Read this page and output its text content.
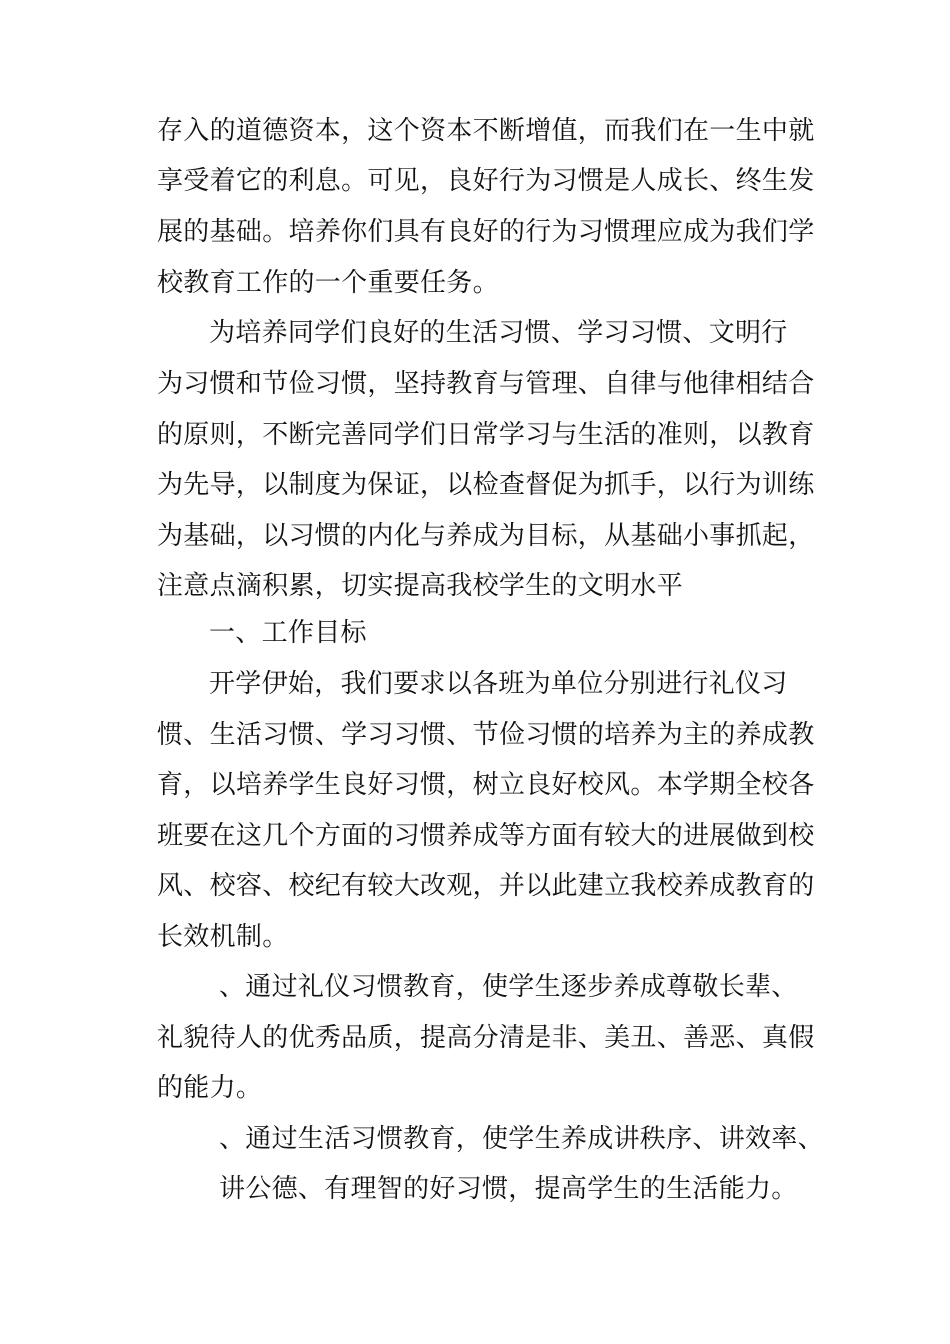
存入的道德资本，这个资本不断增值，而我们在一生中就
享受着它的利息。可见，良好行为习惯是人成长、终生发
展的基础。培养你们具有良好的行为习惯理应成为我们学
校教育工作的一个重要任务。
为培养同学们良好的生活习惯、学习习惯、文明行
为习惯和节俭习惯，坚持教育与管理、自律与他律相结合
的原则，不断完善同学们日常学习与生活的准则，以教育
为先导，以制度为保证，以检查督促为抓手，以行为训练
为基础，以习惯的内化与养成为目标，从基础小事抓起，
注意点滴积累，切实提高我校学生的文明水平
一、工作目标
开学伊始，我们要求以各班为单位分别进行礼仪习
惯、生活习惯、学习习惯、节俭习惯的培养为主的养成教
育，以培养学生良好习惯，树立良好校风。本学期全校各
班要在这几个方面的习惯养成等方面有较大的进展做到校
风、校容、校纪有较大改观，并以此建立我校养成教育的
长效机制。
、通过礼仪习惯教育，使学生逐步养成尊敬长辈、
礼貌待人的优秀品质，提高分清是非、美丑、善恶、真假
的能力。
、通过生活习惯教育，使学生养成讲秩序、讲效率、
讲公德、有理智的好习惯，提高学生的生活能力。
